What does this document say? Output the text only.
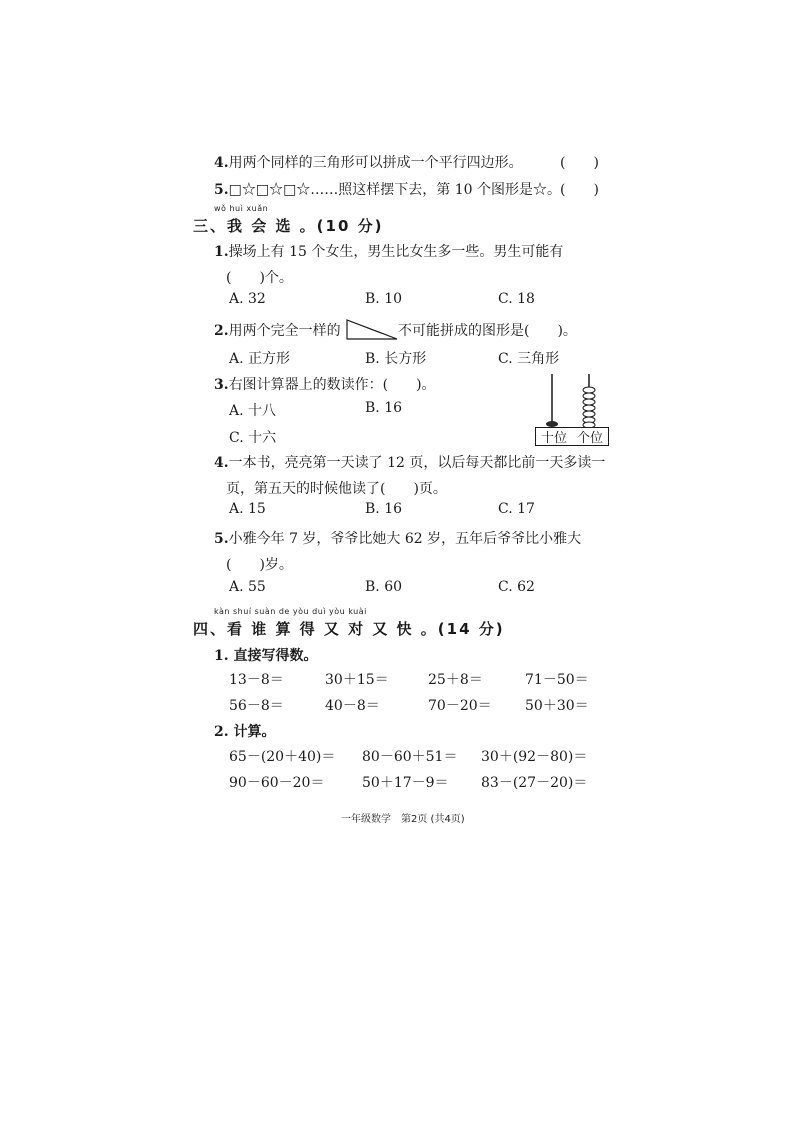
4.用两个同样的三角形可以拼成一个平行四边形。	(　　)
5.□☆□☆□☆……照这样摆下去，第 10 个图形是☆。
(　　)
wǒ huì xuǎn
三、我 会 选 。(10 分)
1.操场上有 15 个女生，男生比女生多一些。男生可能有
(　　)个。
A. 32	B. 10	C. 18
2.用两个完全一样的	不可能拼成的图形是(　　)。
A. 正方形	B. 长方形	C. 三角形
3.右图计算器上的数读作：(　　)。
A. 十八	B. 16
C. 十六	十位 个位
4.一本书，亮亮第一天读了 12 页，以后每天都比前一天多读一
页，第五天的时候他读了(　　)页。
A. 15	B. 16	C. 17
5.小雅今年 7 岁，爷爷比她大 62 岁，五年后爷爷比小雅大
(　　)岁。
A. 55	B. 60	C. 62
kàn shuí suàn de yòu duì yòu kuài
四、看 谁 算 得 又 对 又 快 。(14 分)
1. 直接写得数。
13－8＝	30＋15＝	25＋8＝	71－50＝
56－8＝	40－8＝	70－20＝ 50＋30＝
2. 计算。
65－(20＋40)＝ 80－60＋51＝ 30＋(92－80)＝
90－60－20＝	50＋17－9＝ 83－(27－20)＝
一年级数学　第2页 (共4页)
